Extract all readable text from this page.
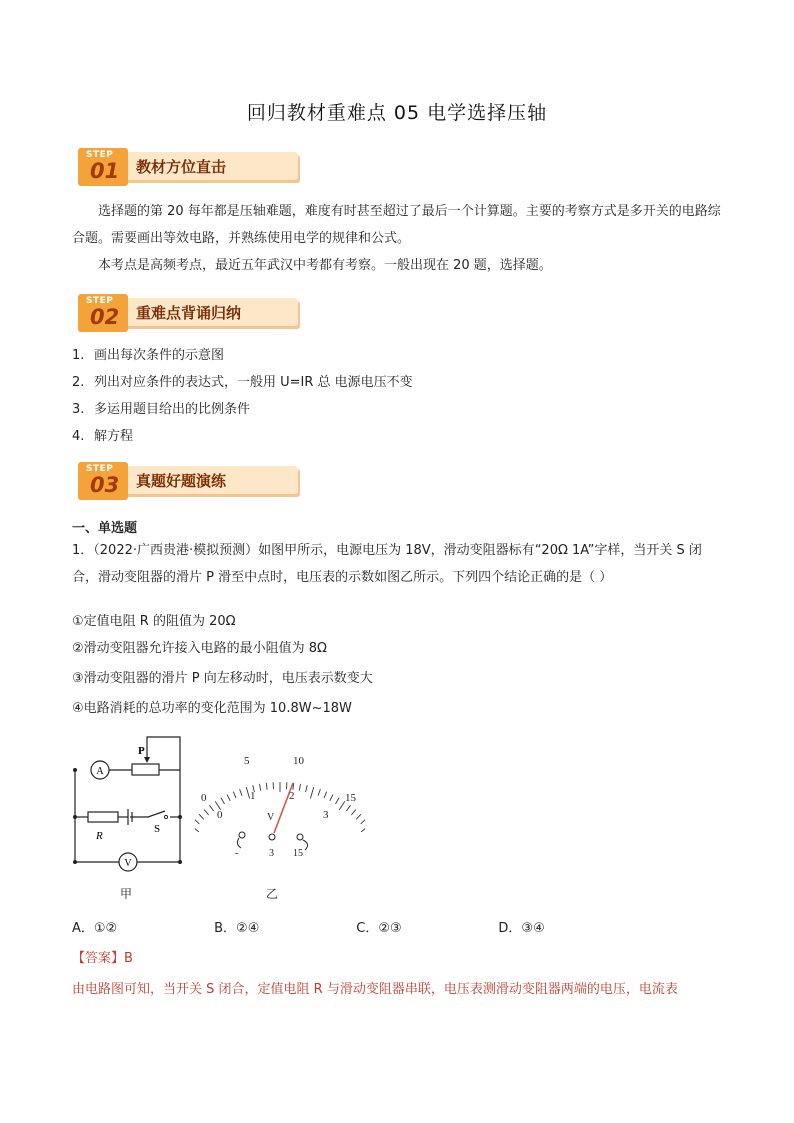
回归教材重难点 05 电学选择压轴
STEP
01 教材方位直击
选择题的第 20 每年都是压轴难题，难度有时甚至超过了最后一个计算题。主要的考察方式是多开关的电路综合题。需要画出等效电路，并熟练使用电学的规律和公式。
本考点是高频考点，最近五年武汉中考都有考察。一般出现在 20 题，选择题。
STEP
02 重难点背诵归纳
1. 画出每次条件的示意图
2. 列出对应条件的表达式，一般用 U=IR 总 电源电压不变
3. 多运用题目给出的比例条件
4. 解方程
STEP
03 真题好题演练
一、单选题
1．（2022·广西贵港·模拟预测）如图甲所示，电源电压为 18V，滑动变阻器标有“20Ω 1A”字样，当开关 S 闭合，滑动变阻器的滑片 P 滑至中点时，电压表的示数如图乙所示。下列四个结论正确的是（ ）
①定值电阻 R 的阻值为 20Ω
②滑动变阻器允许接入电路的最小阻值为 8Ω
③滑动变阻器的滑片 P 向左移动时，电压表示数变大
④电路消耗的总功率的变化范围为 10.8W~18W
A
P
R
S
V
0
5	10
15
0
1	2
3
V
-	3 15
甲	乙
A．①②	B．②④	C．②③	D．③④
【答案】B
由电路图可知，当开关 S 闭合，定值电阻 R 与滑动变阻器串联，电压表测滑动变阻器两端的电压，电流表
